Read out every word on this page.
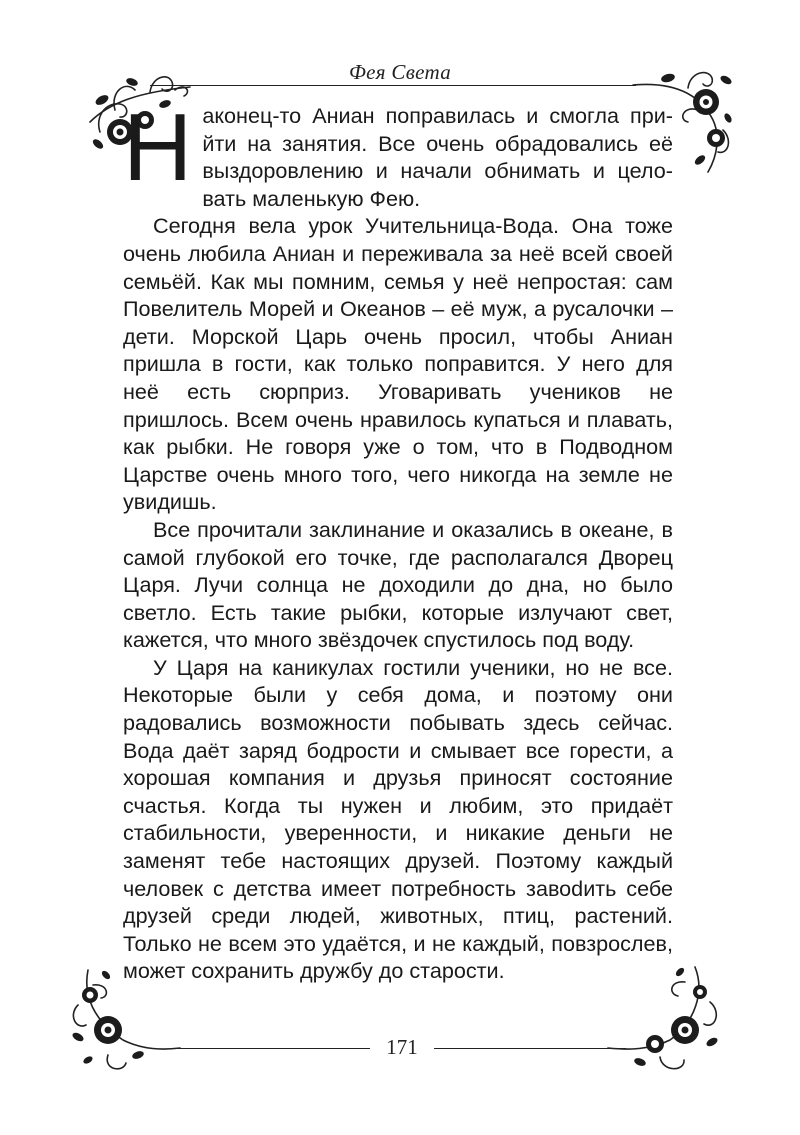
Фея Света

Н аконец-то Аниан поправилась и смогла прийти на занятия. Все очень обрадовались её выздоровлению и начали обнимать и целовать маленькую Фею.

Сегодня вела урок Учительница-Вода. Она тоже очень любила Аниан и переживала за неё всей своей семьёй. Как мы помним, семья у неё непростая: сам Повелитель Морей и Океанов – её муж, а русалочки – дети. Морской Царь очень просил, чтобы Аниан пришла в гости, как только поправится. У него для неё есть сюрприз. Уговаривать учеников не пришлось. Всем очень нравилось купаться и плавать, как рыбки. Не говоря уже о том, что в Подводном Царстве очень много того, чего никогда на земле не увидишь.

Все прочитали заклинание и оказались в океане, в самой глубокой его точке, где располагался Дворец Царя. Лучи солнца не доходили до дна, но было светло. Есть такие рыбки, которые излучают свет, кажется, что много звёздочек спустилось под воду.

У Царя на каникулах гостили ученики, но не все. Некоторые были у себя дома, и поэтому они радовались возможности побывать здесь сейчас. Вода даёт заряд бодрости и смывает все горести, а хорошая компания и друзья приносят состояние счастья. Когда ты нужен и любим, это придаёт стабильности, уверенности, и никакие деньги не заменят тебе настоящих друзей. Поэтому каждый человек с детства имеет потребность завоdить себе друзей среди людей, животных, птиц, растений. Только не всем это удаётся, и не каждый, повзрослев, может сохранить дружбу до старости.

171
